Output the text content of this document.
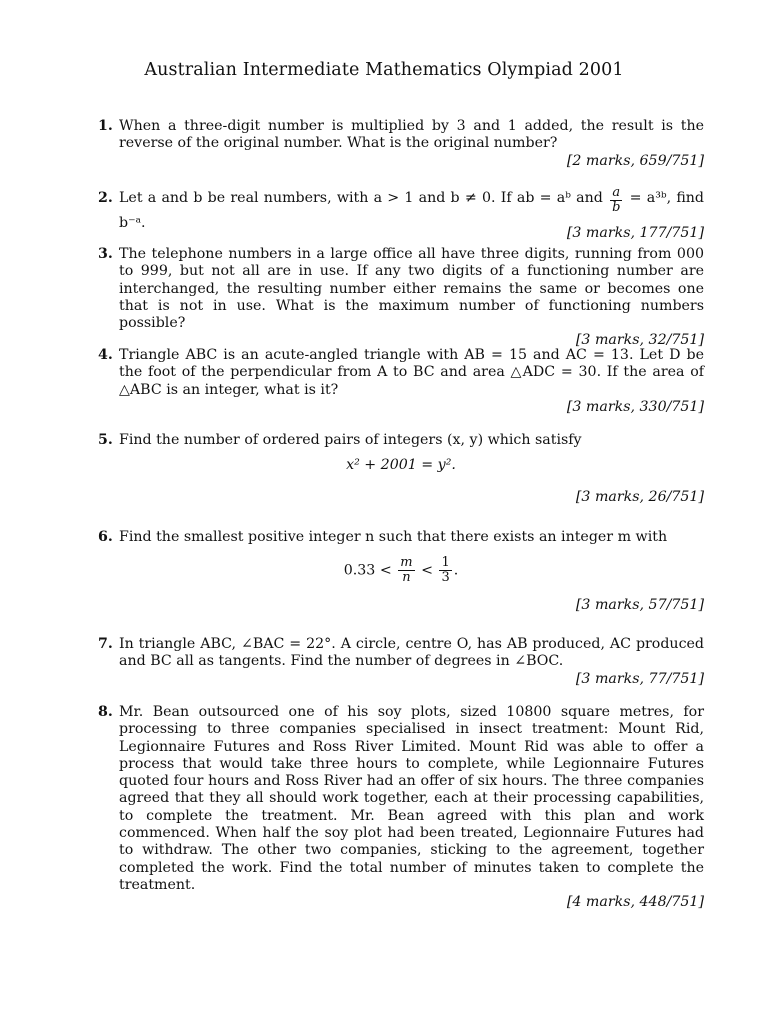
Australian Intermediate Mathematics Olympiad 2001
1. When a three-digit number is multiplied by 3 and 1 added, the result is the reverse of the original number. What is the original number?
[2 marks, 659/751]
2. Let a and b be real numbers, with a > 1 and b ≠ 0. If ab = aᵇ and $\frac{a}{b}$ = a³ᵇ, find b⁻ᵃ.
[3 marks, 177/751]
3. The telephone numbers in a large office all have three digits, running from 000 to 999, but not all are in use. If any two digits of a functioning number are interchanged, the resulting number either remains the same or becomes one that is not in use. What is the maximum number of functioning numbers possible?
[3 marks, 32/751]
4. Triangle ABC is an acute-angled triangle with AB = 15 and AC = 13. Let D be the foot of the perpendicular from A to BC and area △ADC = 30. If the area of △ABC is an integer, what is it?
[3 marks, 330/751]
5. Find the number of ordered pairs of integers (x, y) which satisfy
x² + 2001 = y².
[3 marks, 26/751]
6. Find the smallest positive integer n such that there exists an integer m with
$0.33 < \frac{m}{n} < \frac{1}{3}$ .
[3 marks, 57/751]
7. In triangle ABC, ∠BAC = 22°. A circle, centre O, has AB produced, AC produced and BC all as tangents. Find the number of degrees in ∠BOC.
[3 marks, 77/751]
8. Mr. Bean outsourced one of his soy plots, sized 10800 square metres, for processing to three companies specialised in insect treatment: Mount Rid, Legionnaire Futures and Ross River Limited. Mount Rid was able to offer a process that would take three hours to complete, while Legionnaire Futures quoted four hours and Ross River had an offer of six hours. The three companies agreed that they all should work together, each at their processing capabilities, to complete the treatment. Mr. Bean agreed with this plan and work commenced. When half the soy plot had been treated, Legionnaire Futures had to withdraw. The other two companies, sticking to the agreement, together completed the work. Find the total number of minutes taken to complete the treatment.
[4 marks, 448/751]
